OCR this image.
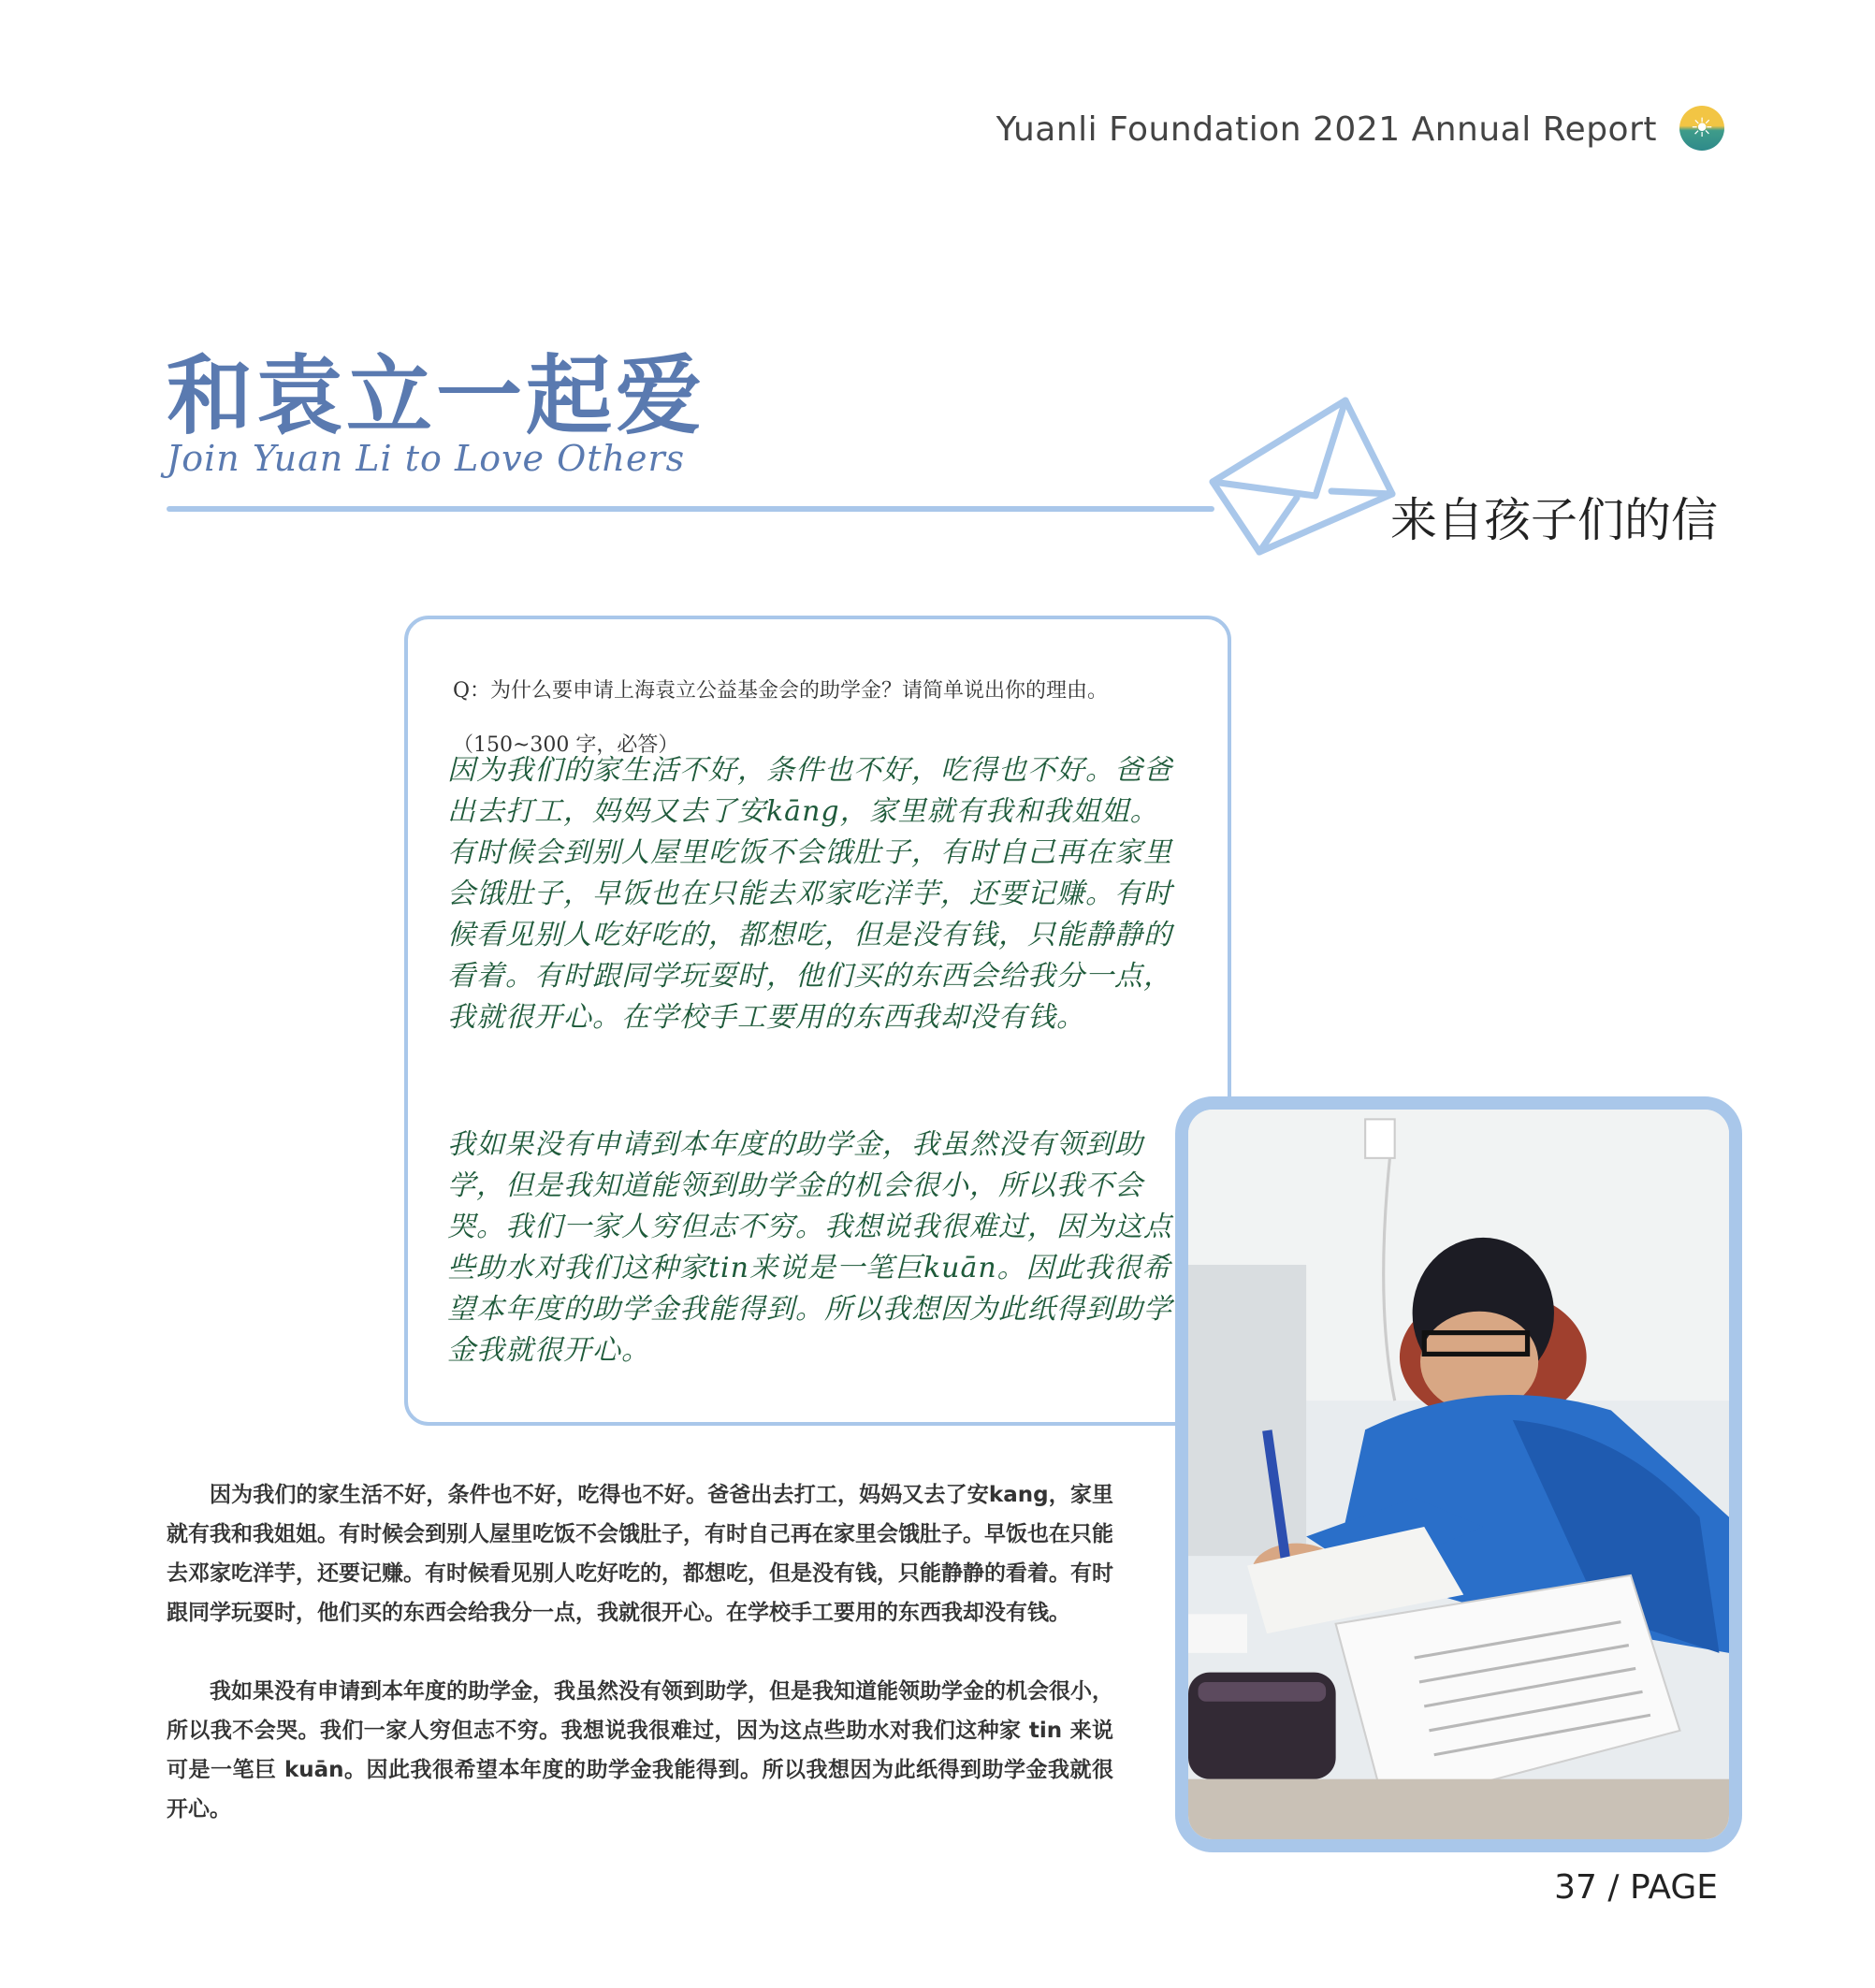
Yuanli Foundation 2021 Annual Report	☀
和袁立一起爱
Join Yuan Li to Love Others
来自孩子们的信
Q：为什么要申请上海袁立公益基金会的助学金？请简单说出你的理由。（150~300 字，必答）
因为我们的家生活不好，条件也不好，吃得也不好。爸爸出去打工，妈妈又去了安kāng，家里就有我和我姐姐。有时候会到别人屋里吃饭不会饿肚子，有时自己再在家里会饿肚子，早饭也在只能去邓家吃洋芋，还要记赚。有时候看见别人吃好吃的，都想吃，但是没有钱，只能静静的看着。有时跟同学玩耍时，他们买的东西会给我分一点，我就很开心。在学校手工要用的东西我却没有钱。
我如果没有申请到本年度的助学金，我虽然没有领到助学，但是我知道能领到助学金的机会很小，所以我不会哭。我们一家人穷但志不穷。我想说我很难过，因为这点些助水对我们这种家tin来说是一笔巨kuān。因此我很希望本年度的助学金我能得到。所以我想因为此纸得到助学金我就很开心。
因为我们的家生活不好，条件也不好，吃得也不好。爸爸出去打工，妈妈又去了安kang，家里就有我和我姐姐。有时候会到别人屋里吃饭不会饿肚子，有时自己再在家里会饿肚子。早饭也在只能去邓家吃洋芋，还要记赚。有时候看见别人吃好吃的，都想吃，但是没有钱，只能静静的看着。有时跟同学玩耍时，他们买的东西会给我分一点，我就很开心。在学校手工要用的东西我却没有钱。
我如果没有申请到本年度的助学金，我虽然没有领到助学，但是我知道能领助学金的机会很小，所以我不会哭。我们一家人穷但志不穷。我想说我很难过，因为这点些助水对我们这种家 tin 来说可是一笔巨 kuān。因此我很希望本年度的助学金我能得到。所以我想因为此纸得到助学金我就很开心。
37 / PAGE
